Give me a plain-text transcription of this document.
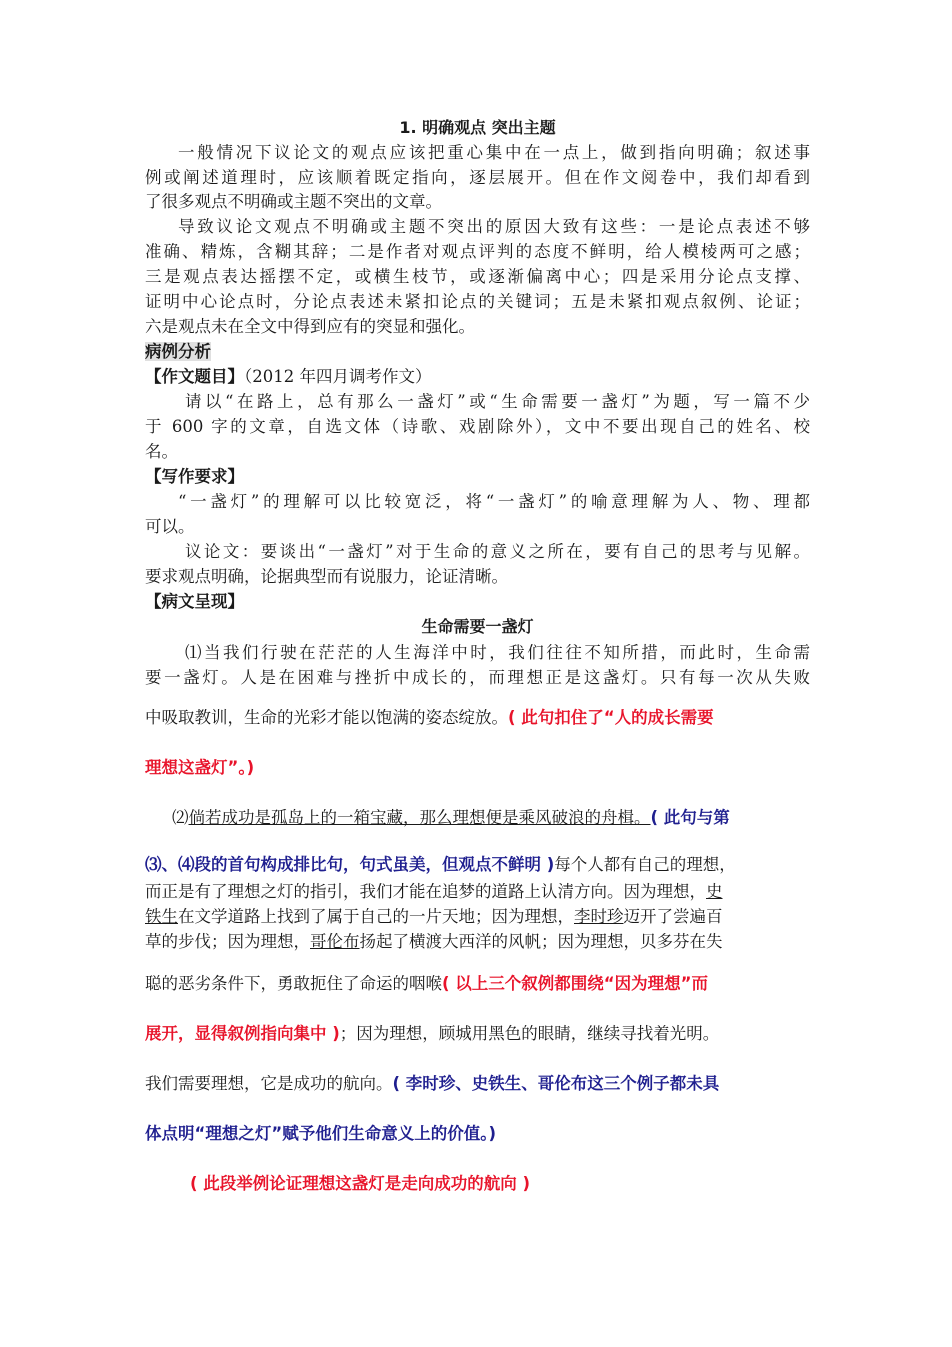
1. 明确观点 突出主题
一般情况下议论文的观点应该把重心集中在一点上，做到指向明确；叙述事
例或阐述道理时，应该顺着既定指向，逐层展开。但在作文阅卷中，我们却看到
了很多观点不明确或主题不突出的文章。
导致议论文观点不明确或主题不突出的原因大致有这些：一是论点表述不够
准确、精炼，含糊其辞；二是作者对观点评判的态度不鲜明，给人模棱两可之感；
三是观点表达摇摆不定，或横生枝节，或逐渐偏离中心；四是采用分论点支撑、
证明中心论点时，分论点表述未紧扣论点的关键词；五是未紧扣观点叙例、论证；
六是观点未在全文中得到应有的突显和强化。
病例分析
【作文题目】（2012 年四月调考作文）
请以“在路上，总有那么一盏灯”或“生命需要一盏灯”为题，写一篇不少
于 600 字的文章，自选文体（诗歌、戏剧除外），文中不要出现自己的姓名、校
名。
【写作要求】
“一盏灯”的理解可以比较宽泛，将“一盏灯”的喻意理解为人、物、理都
可以。
议论文：要谈出“一盏灯”对于生命的意义之所在，要有自己的思考与见解。
要求观点明确，论据典型而有说服力，论证清晰。
【病文呈现】
生命需要一盏灯
⑴当我们行驶在茫茫的人生海洋中时，我们往往不知所措，而此时，生命需
要一盏灯。人是在困难与挫折中成长的，而理想正是这盏灯。只有每一次从失败
中吸取教训，生命的光彩才能以饱满的姿态绽放。( 此句扣住了“人的成长需要
理想这盏灯”。)
⑵倘若成功是孤岛上的一箱宝藏，那么理想便是乘风破浪的舟楫。( 此句与第
⑶、⑷段的首句构成排比句，句式虽美，但观点不鲜明 )每个人都有自己的理想，
而正是有了理想之灯的指引，我们才能在追梦的道路上认清方向。因为理想，史
铁生在文学道路上找到了属于自己的一片天地；因为理想，李时珍迈开了尝遍百
草的步伐；因为理想，哥伦布扬起了横渡大西洋的风帆；因为理想，贝多芬在失
聪的恶劣条件下，勇敢扼住了命运的咽喉( 以上三个叙例都围绕“因为理想”而
展开，显得叙例指向集中 )；因为理想，顾城用黑色的眼睛，继续寻找着光明。
我们需要理想，它是成功的航向。( 李时珍、史铁生、哥伦布这三个例子都未具
体点明“理想之灯”赋予他们生命意义上的价值。)
( 此段举例论证理想这盏灯是走向成功的航向 )
